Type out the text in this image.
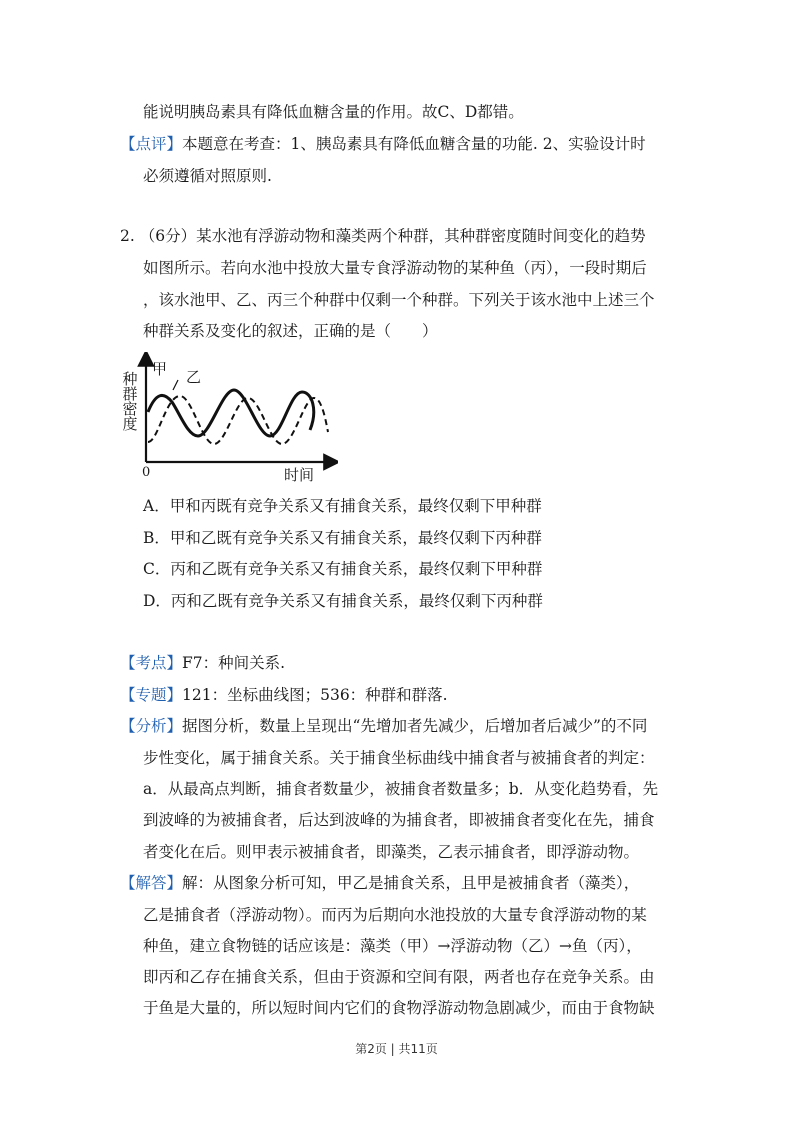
能说明胰岛素具有降低血糖含量的作用。故C、D都错。
【点评】本题意在考查：1、胰岛素具有降低血糖含量的功能. 2、实验设计时
必须遵循对照原则.
2. （6分）某水池有浮游动物和藻类两个种群，其种群密度随时间变化的趋势
如图所示。若向水池中投放大量专食浮游动物的某种鱼（丙），一段时期后
，该水池甲、乙、丙三个种群中仅剩一个种群。下列关于该水池中上述三个
种群关系及变化的叙述，正确的是（　　）
种
群
密
度
甲 乙
0	时间
A．甲和丙既有竞争关系又有捕食关系，最终仅剩下甲种群
B．甲和乙既有竞争关系又有捕食关系，最终仅剩下丙种群
C．丙和乙既有竞争关系又有捕食关系，最终仅剩下甲种群
D．丙和乙既有竞争关系又有捕食关系，最终仅剩下丙种群
【考点】F7：种间关系.
【专题】121：坐标曲线图；536：种群和群落.
【分析】据图分析，数量上呈现出“先增加者先减少，后增加者后减少”的不同
步性变化，属于捕食关系。关于捕食坐标曲线中捕食者与被捕食者的判定：
a．从最高点判断，捕食者数量少，被捕食者数量多；b．从变化趋势看，先
到波峰的为被捕食者，后达到波峰的为捕食者，即被捕食者变化在先，捕食
者变化在后。则甲表示被捕食者，即藻类，乙表示捕食者，即浮游动物。
【解答】解：从图象分析可知，甲乙是捕食关系，且甲是被捕食者（藻类），
乙是捕食者（浮游动物）。而丙为后期向水池投放的大量专食浮游动物的某
种鱼，建立食物链的话应该是：藻类（甲）→浮游动物（乙）→鱼（丙），
即丙和乙存在捕食关系，但由于资源和空间有限，两者也存在竞争关系。由
于鱼是大量的，所以短时间内它们的食物浮游动物急剧减少，而由于食物缺
第2页 | 共11页
